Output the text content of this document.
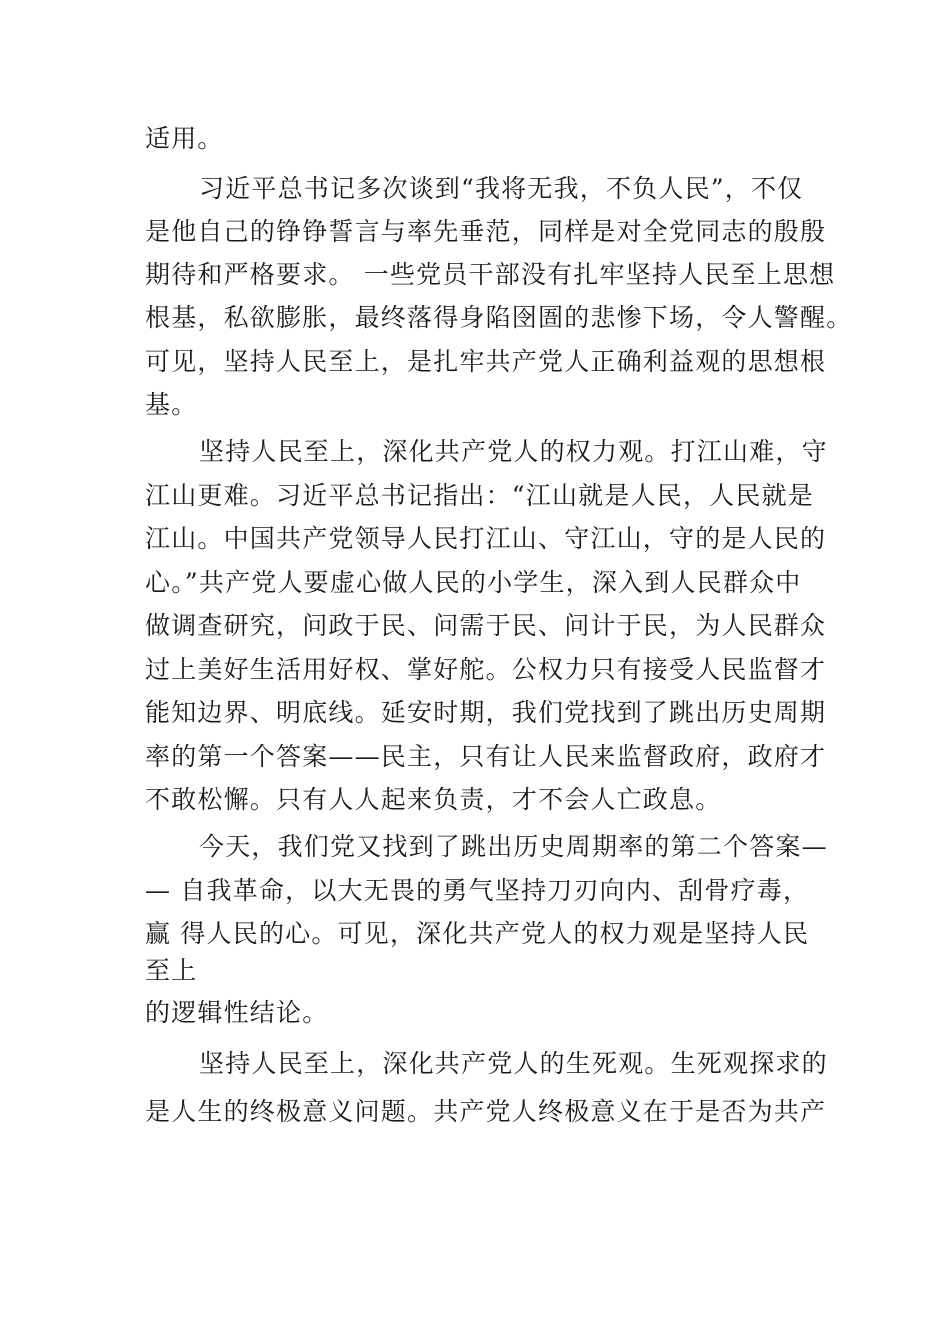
适用。

习近平总书记多次谈到“我将无我，不负人民”，不仅

是他自己的铮铮誓言与率先垂范，同样是对全党同志的殷殷

期待和严格要求。 一些党员干部没有扎牢坚持人民至上思想

根基，私欲膨胀，最终落得身陷囹圄的悲惨下场，令人警醒。

可见，坚持人民至上，是扎牢共产党人正确利益观的思想根

基。

坚持人民至上，深化共产党人的权力观。打江山难，守

江山更难。习近平总书记指出：“江山就是人民，人民就是

江山。中国共产党领导人民打江山、守江山，守的是人民的

心。”共产党人要虚心做人民的小学生，深入到人民群众中

做调查研究，问政于民、问需于民、问计于民，为人民群众

过上美好生活用好权、掌好舵。公权力只有接受人民监督才

能知边界、明底线。延安时期，我们党找到了跳出历史周期

率的第一个答案——民主，只有让人民来监督政府，政府才

不敢松懈。只有人人起来负责，才不会人亡政息。

今天，我们党又找到了跳出历史周期率的第二个答案—

— 自我革命，以大无畏的勇气坚持刀刃向内、刮骨疗毒，

赢 得人民的心。可见，深化共产党人的权力观是坚持人民

至上

的逻辑性结论。

坚持人民至上，深化共产党人的生死观。生死观探求的

是人生的终极意义问题。共产党人终极意义在于是否为共产
